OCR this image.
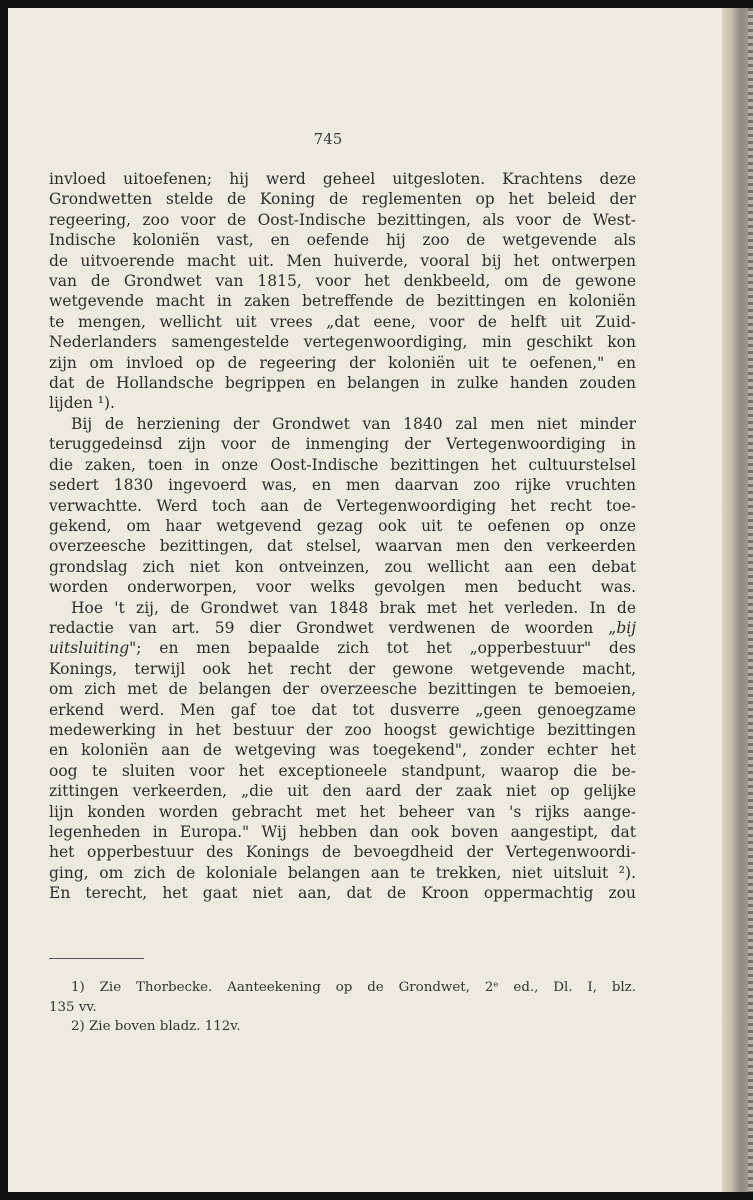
745
invloed uitoefenen; hij werd geheel uitgesloten. Krachtens deze
Grondwetten stelde de Koning de reglementen op het beleid der
regeering, zoo voor de Oost-Indische bezittingen, als voor de West-
Indische koloniën vast, en oefende hij zoo de wetgevende als
de uitvoerende macht uit. Men huiverde, vooral bij het ontwerpen
van de Grondwet van 1815, voor het denkbeeld, om de gewone
wetgevende macht in zaken betreffende de bezittingen en koloniën
te mengen, wellicht uit vrees „dat eene, voor de helft uit Zuid-
Nederlanders samengestelde vertegenwoordiging, min geschikt kon
zijn om invloed op de regeering der koloniën uit te oefenen," en
dat de Hollandsche begrippen en belangen in zulke handen zouden
lijden ¹).
Bij de herziening der Grondwet van 1840 zal men niet minder
teruggedeinsd zijn voor de inmenging der Vertegenwoordiging in
die zaken, toen in onze Oost-Indische bezittingen het cultuurstelsel
sedert 1830 ingevoerd was, en men daarvan zoo rijke vruchten
verwachtte. Werd toch aan de Vertegenwoordiging het recht toe-
gekend, om haar wetgevend gezag ook uit te oefenen op onze
overzeesche bezittingen, dat stelsel, waarvan men den verkeerden
grondslag zich niet kon ontveinzen, zou wellicht aan een debat
worden onderworpen, voor welks gevolgen men beducht was.
Hoe 't zij, de Grondwet van 1848 brak met het verleden. In de
redactie van art. 59 dier Grondwet verdwenen de woorden „bij
uitsluiting"; en men bepaalde zich tot het „opperbestuur" des
Konings, terwijl ook het recht der gewone wetgevende macht,
om zich met de belangen der overzeesche bezittingen te bemoeien,
erkend werd. Men gaf toe dat tot dusverre „geen genoegzame
medewerking in het bestuur der zoo hoogst gewichtige bezittingen
en koloniën aan de wetgeving was toegekend", zonder echter het
oog te sluiten voor het exceptioneele standpunt, waarop die be-
zittingen verkeerden, „die uit den aard der zaak niet op gelijke
lijn konden worden gebracht met het beheer van 's rijks aange-
legenheden in Europa." Wij hebben dan ook boven aangestipt, dat
het opperbestuur des Konings de bevoegdheid der Vertegenwoordi-
ging, om zich de koloniale belangen aan te trekken, niet uitsluit ²).
En terecht, het gaat niet aan, dat de Kroon oppermachtig zou
1) Zie Thorbecke. Aanteekening op de Grondwet, 2ᵉ ed., Dl. I, blz.
135 vv.
2) Zie boven bladz. 112v.
